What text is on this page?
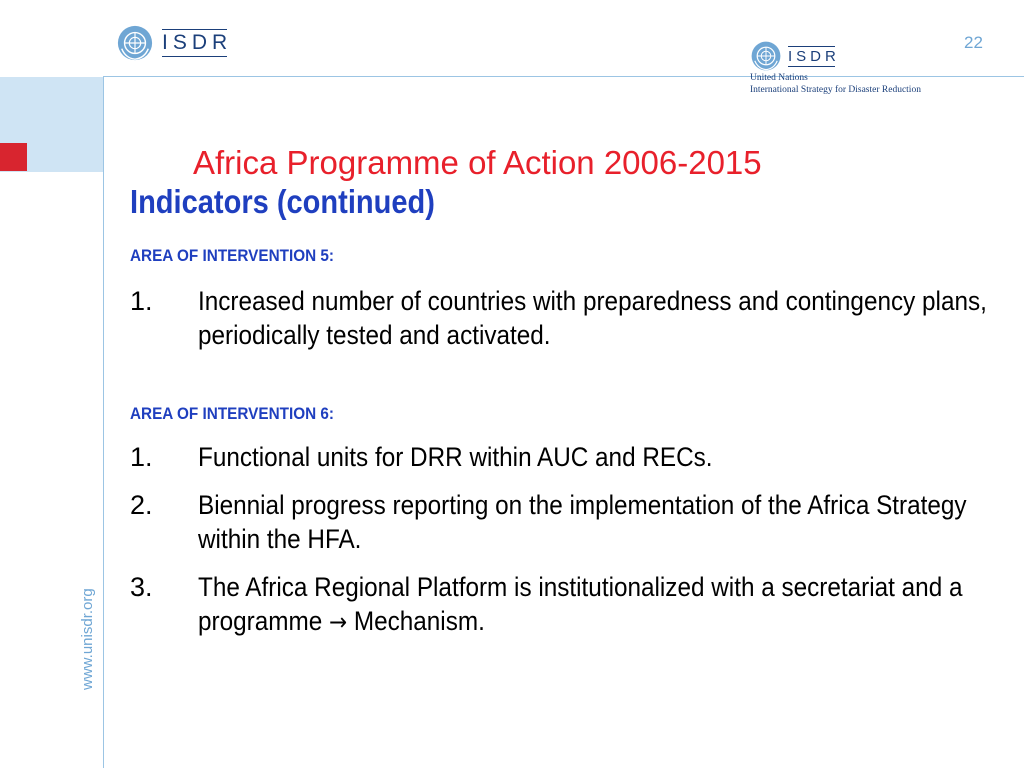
www.unisdr.org
ISDR	22
ISDR
United Nations
International Strategy for Disaster Reduction
Africa Programme of Action 2006-2015
Indicators (continued)
AREA OF INTERVENTION 5:
1. Increased number of countries with preparedness and contingency plans, periodically tested and activated.
AREA OF INTERVENTION 6:
1. Functional units for DRR within AUC and RECs.
2. Biennial progress reporting on the implementation of the Africa Strategy within the HFA.
3. The Africa Regional Platform is institutionalized with a secretariat and a programme → Mechanism.
